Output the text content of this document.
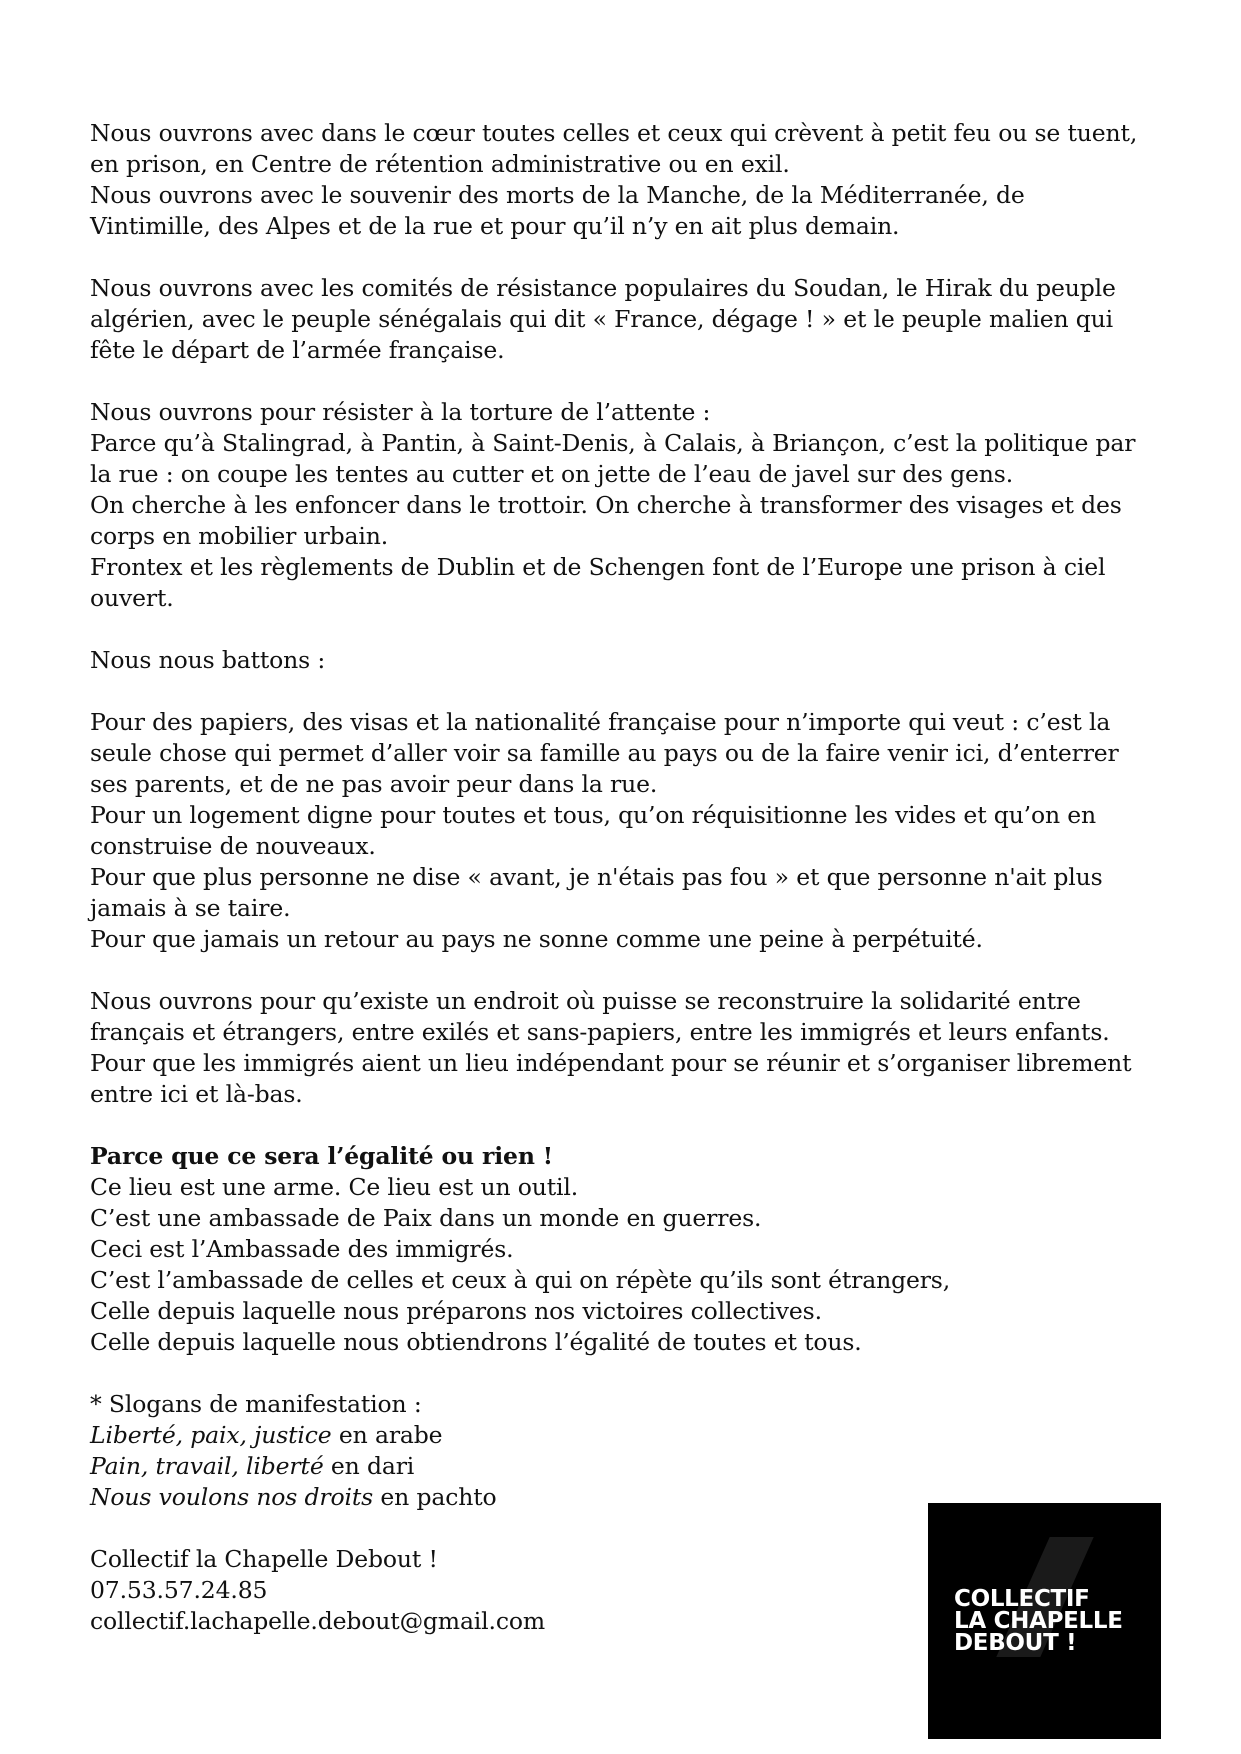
Nous ouvrons avec dans le cœur toutes celles et ceux qui crèvent à petit feu ou se tuent,

en prison, en Centre de rétention administrative ou en exil.

Nous ouvrons avec le souvenir des morts de la Manche, de la Méditerranée, de

Vintimille, des Alpes et de la rue et pour qu’il n’y en ait plus demain.

Nous ouvrons avec les comités de résistance populaires du Soudan, le Hirak du peuple

algérien, avec le peuple sénégalais qui dit « France, dégage ! » et le peuple malien qui

fête le départ de l’armée française.

Nous ouvrons pour résister à la torture de l’attente :

Parce qu’à Stalingrad, à Pantin, à Saint-Denis, à Calais, à Briançon, c’est la politique par

la rue : on coupe les tentes au cutter et on jette de l’eau de javel sur des gens.

On cherche à les enfoncer dans le trottoir. On cherche à transformer des visages et des

corps en mobilier urbain.

Frontex et les règlements de Dublin et de Schengen font de l’Europe une prison à ciel

ouvert.

Nous nous battons :

Pour des papiers, des visas et la nationalité française pour n’importe qui veut : c’est la

seule chose qui permet d’aller voir sa famille au pays ou de la faire venir ici, d’enterrer

ses parents, et de ne pas avoir peur dans la rue.

Pour un logement digne pour toutes et tous, qu’on réquisitionne les vides et qu’on en

construise de nouveaux.

Pour que plus personne ne dise « avant, je n'étais pas fou » et que personne n'ait plus

jamais à se taire.

Pour que jamais un retour au pays ne sonne comme une peine à perpétuité.

Nous ouvrons pour qu’existe un endroit où puisse se reconstruire la solidarité entre

français et étrangers, entre exilés et sans-papiers, entre les immigrés et leurs enfants.

Pour que les immigrés aient un lieu indépendant pour se réunir et s’organiser librement

entre ici et là-bas.

Parce que ce sera l’égalité ou rien !

Ce lieu est une arme. Ce lieu est un outil.

C’est une ambassade de Paix dans un monde en guerres.

Ceci est l’Ambassade des immigrés.

C’est l’ambassade de celles et ceux à qui on répète qu’ils sont étrangers,

Celle depuis laquelle nous préparons nos victoires collectives.

Celle depuis laquelle nous obtiendrons l’égalité de toutes et tous.

* Slogans de manifestation :

Liberté, paix, justice en arabe

Pain, travail, liberté en dari

Nous voulons nos droits en pachto

Collectif la Chapelle Debout !

07.53.57.24.85

collectif.lachapelle.debout@gmail.com

COLLECTIF
LA CHAPELLE
DEBOUT !
